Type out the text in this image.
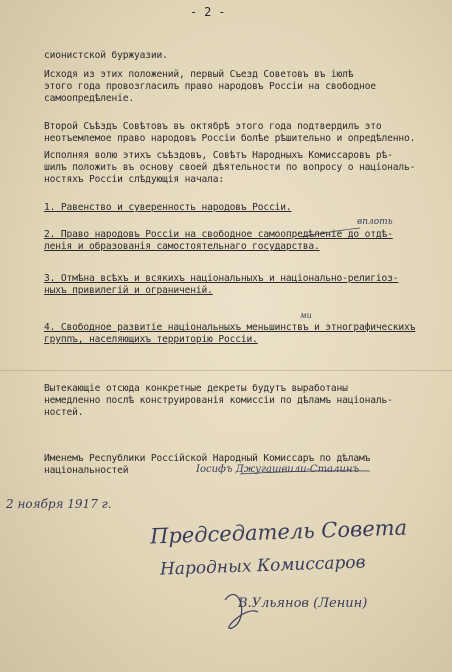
- 2 -
сионистской буржуазии.
Исходя из этих положений, первый Съезд Советовъ въ іюлѣ
этого года провозгласилъ право народовъ Россіи на свободное
самоопредѣленіе.
Второй Съѣздъ Совѣтовъ въ октябрѣ этого года подтвердилъ это
неотъемлемое право народовъ Россіи болѣе рѣшительно и опредѣленно.
Исполняя волю этихъ съѣздовъ, Совѣтъ Народныхъ Комиссаровъ рѣ-
шилъ положить въ основу своей дѣятельности по вопросу о національ-
ностяхъ Россіи слѣдующія начала:
1. Равенство и суверенность народовъ Россіи.
2. Право народовъ Россіи на свободное самоопредѣленіе до отдѣ-
ленія и образованія самостоятельнаго государства.
3. Отмѣна всѣхъ и всякихъ національныхъ и національно-религіоз-
ныхъ привилегій и ограниченій.
4. Свободное развитіе національныхъ меньшинствъ и этнографическихъ
группъ, населяющихъ территорію Россіи.
Вытекающіе отсюда конкретные декреты будутъ выработаны
немедленно послѣ конструированія комиссіи по дѣламъ національ-
ностей.
Именемъ Республики Россійской Народный Комиссаръ по дѣламъ
національностей
вплоть
ми
Іосифъ Джугашвили-Сталинъ
2 ноября 1917 г.
Председатель Совета
Народных Комиссаров
В.Ульянов (Ленин)
